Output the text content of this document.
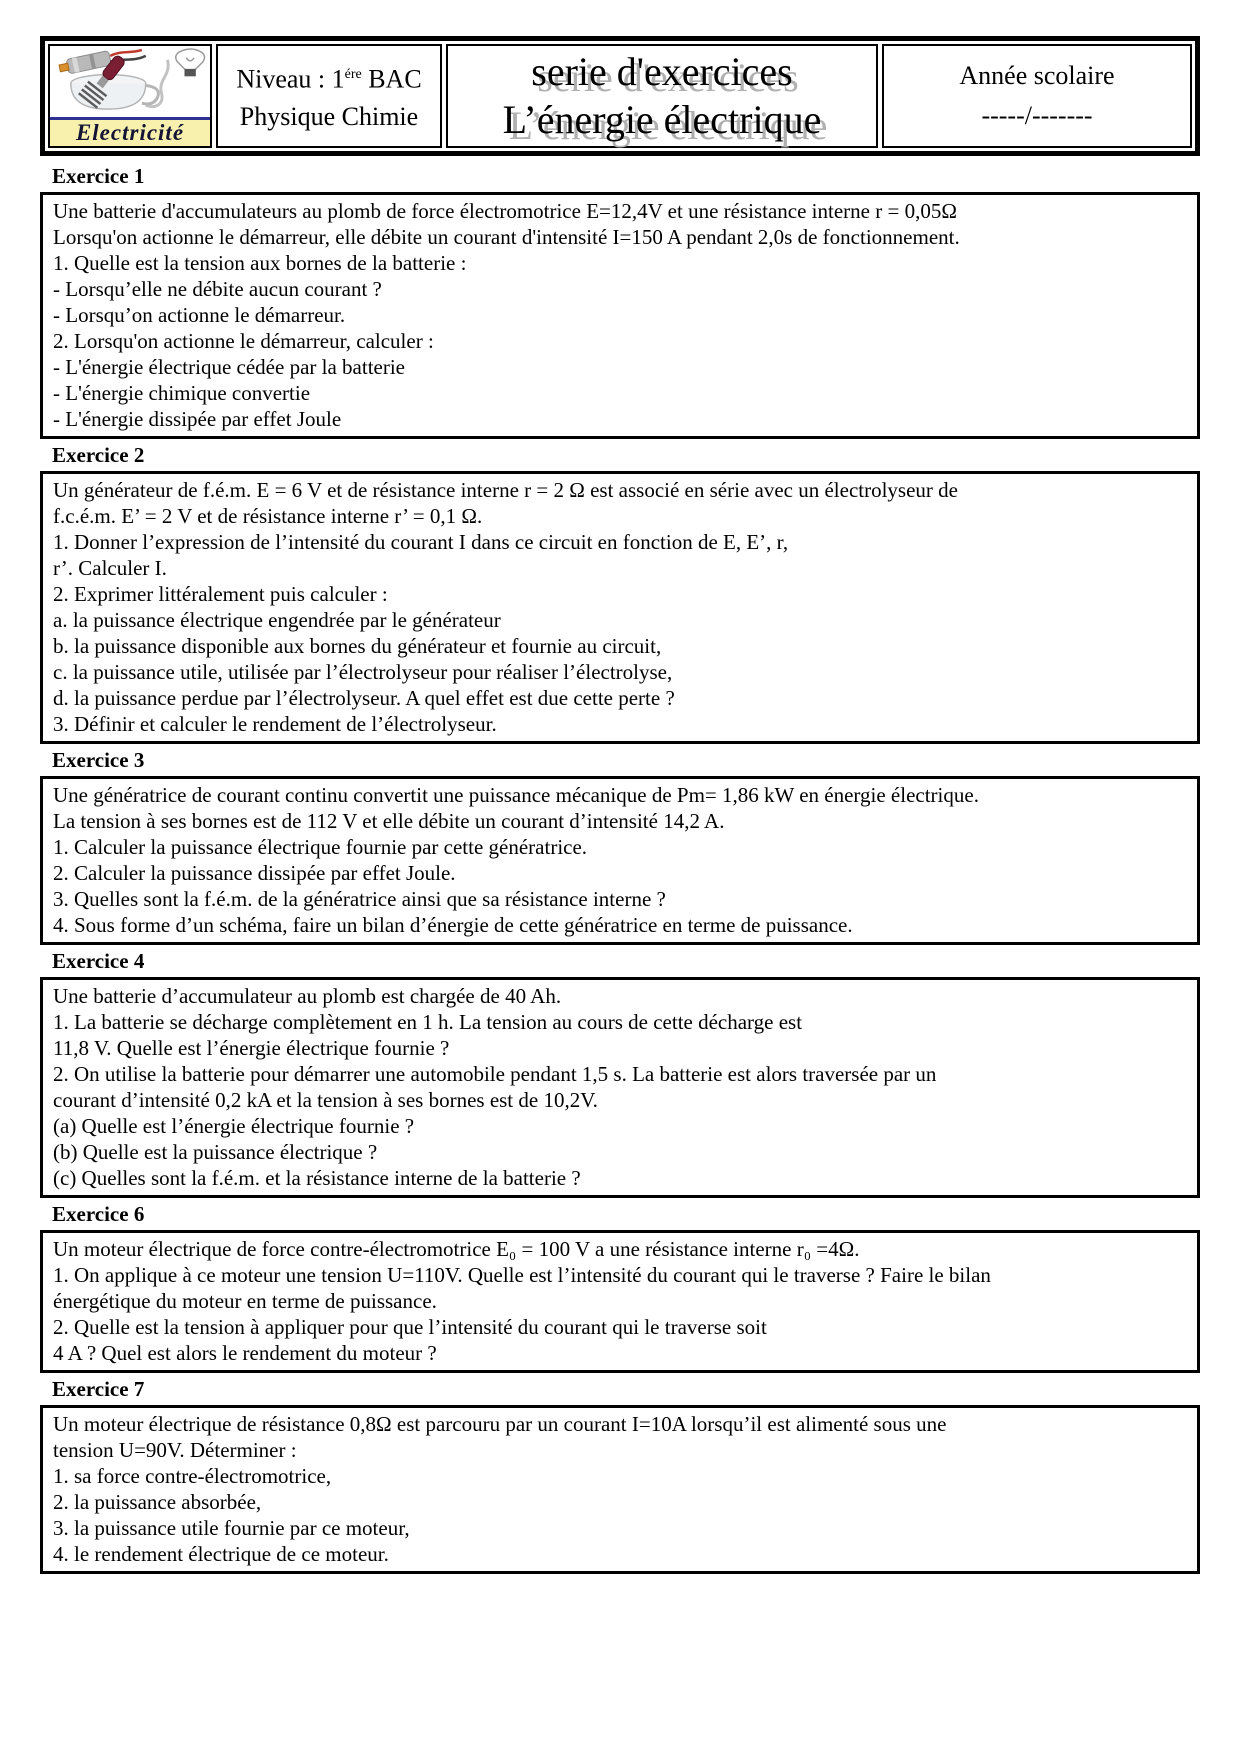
Electricité
Niveau : $1^{ére}$ BAC
Physique Chimie
serie d'exercices
L’énergie électrique
Année scolaire
-----/-------
Exercice 1
Une batterie d'accumulateurs au plomb de force électromotrice E=12,4V et une résistance interne r = 0,05Ω
Lorsqu'on actionne le démarreur, elle débite un courant d'intensité I=150 A pendant 2,0s de fonctionnement.
1. Quelle est la tension aux bornes de la batterie :
- Lorsqu’elle ne débite aucun courant ?
- Lorsqu’on actionne le démarreur.
2. Lorsqu'on actionne le démarreur, calculer :
- L'énergie électrique cédée par la batterie
- L'énergie chimique convertie
- L'énergie dissipée par effet Joule
Exercice 2
Un générateur de f.é.m. E = 6 V et de résistance interne r = 2 Ω est associé en série avec un électrolyseur de
f.c.é.m. E’ = 2 V et de résistance interne r’ = 0,1 Ω.
1. Donner l’expression de l’intensité du courant I dans ce circuit en fonction de E, E’, r,
r’. Calculer I.
2. Exprimer littéralement puis calculer :
a. la puissance électrique engendrée par le générateur
b. la puissance disponible aux bornes du générateur et fournie au circuit,
c. la puissance utile, utilisée par l’électrolyseur pour réaliser l’électrolyse,
d. la puissance perdue par l’électrolyseur. A quel effet est due cette perte ?
3. Définir et calculer le rendement de l’électrolyseur.
Exercice 3
Une génératrice de courant continu convertit une puissance mécanique de Pm= 1,86 kW en énergie électrique.
La tension à ses bornes est de 112 V et elle débite un courant d’intensité 14,2 A.
1. Calculer la puissance électrique fournie par cette génératrice.
2. Calculer la puissance dissipée par effet Joule.
3. Quelles sont la f.é.m. de la génératrice ainsi que sa résistance interne ?
4. Sous forme d’un schéma, faire un bilan d’énergie de cette génératrice en terme de puissance.
Exercice 4
Une batterie d’accumulateur au plomb est chargée de 40 Ah.
1. La batterie se décharge complètement en 1 h. La tension au cours de cette décharge est
11,8 V. Quelle est l’énergie électrique fournie ?
2. On utilise la batterie pour démarrer une automobile pendant 1,5 s. La batterie est alors traversée par un
courant d’intensité 0,2 kA et la tension à ses bornes est de 10,2V.
(a) Quelle est l’énergie électrique fournie ?
(b) Quelle est la puissance électrique ?
(c) Quelles sont la f.é.m. et la résistance interne de la batterie ?
Exercice 6
Un moteur électrique de force contre-électromotrice E₀ = 100 V a une résistance interne r₀ =4Ω.
1. On applique à ce moteur une tension U=110V. Quelle est l’intensité du courant qui le traverse ? Faire le bilan
énergétique du moteur en terme de puissance.
2. Quelle est la tension à appliquer pour que l’intensité du courant qui le traverse soit
4 A ? Quel est alors le rendement du moteur ?
Exercice 7
Un moteur électrique de résistance 0,8Ω est parcouru par un courant I=10A lorsqu’il est alimenté sous une
tension U=90V. Déterminer :
1. sa force contre-électromotrice,
2. la puissance absorbée,
3. la puissance utile fournie par ce moteur,
4. le rendement électrique de ce moteur.
